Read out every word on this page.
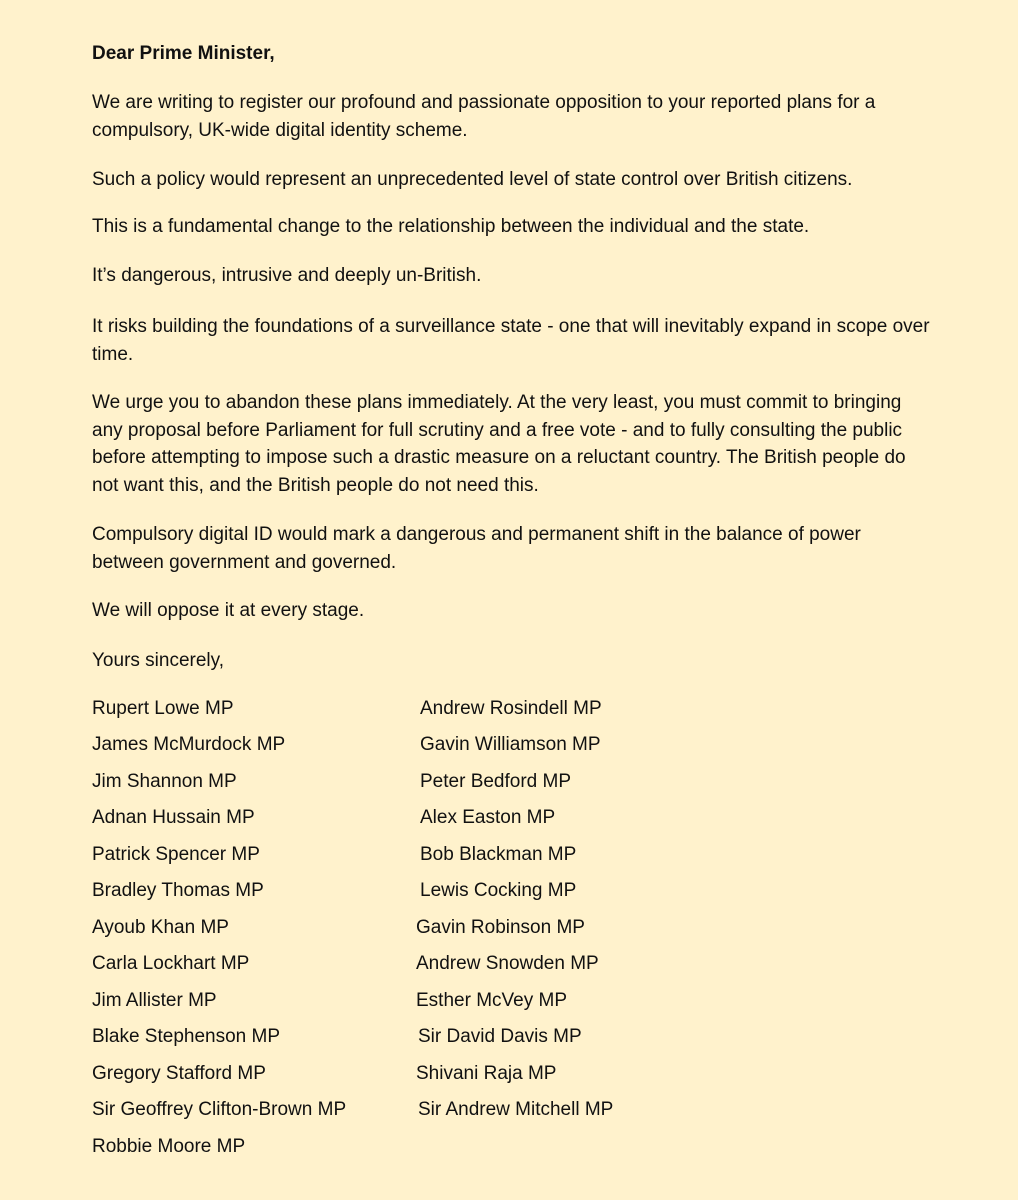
Dear Prime Minister,

We are writing to register our profound and passionate opposition to your reported plans for a compulsory, UK-wide digital identity scheme.

Such a policy would represent an unprecedented level of state control over British citizens.

This is a fundamental change to the relationship between the individual and the state.

It’s dangerous, intrusive and deeply un-British.

It risks building the foundations of a surveillance state - one that will inevitably expand in scope over time.

We urge you to abandon these plans immediately. At the very least, you must commit to bringing any proposal before Parliament for full scrutiny and a free vote - and to fully consulting the public before attempting to impose such a drastic measure on a reluctant country. The British people do not want this, and the British people do not need this.

Compulsory digital ID would mark a dangerous and permanent shift in the balance of power between government and governed.

We will oppose it at every stage.

Yours sincerely,

Rupert Lowe MP

James McMurdock MP

Jim Shannon MP

Adnan Hussain MP

Patrick Spencer MP

Bradley Thomas MP

Ayoub Khan MP

Carla Lockhart MP

Jim Allister MP

Blake Stephenson MP

Gregory Stafford MP

Sir Geoffrey Clifton-Brown MP

Robbie Moore MP

Andrew Rosindell MP

Gavin Williamson MP

Peter Bedford MP

Alex Easton MP

Bob Blackman MP

Lewis Cocking MP

Gavin Robinson MP

Andrew Snowden MP

Esther McVey MP

Sir David Davis MP

Shivani Raja MP

Sir Andrew Mitchell MP
